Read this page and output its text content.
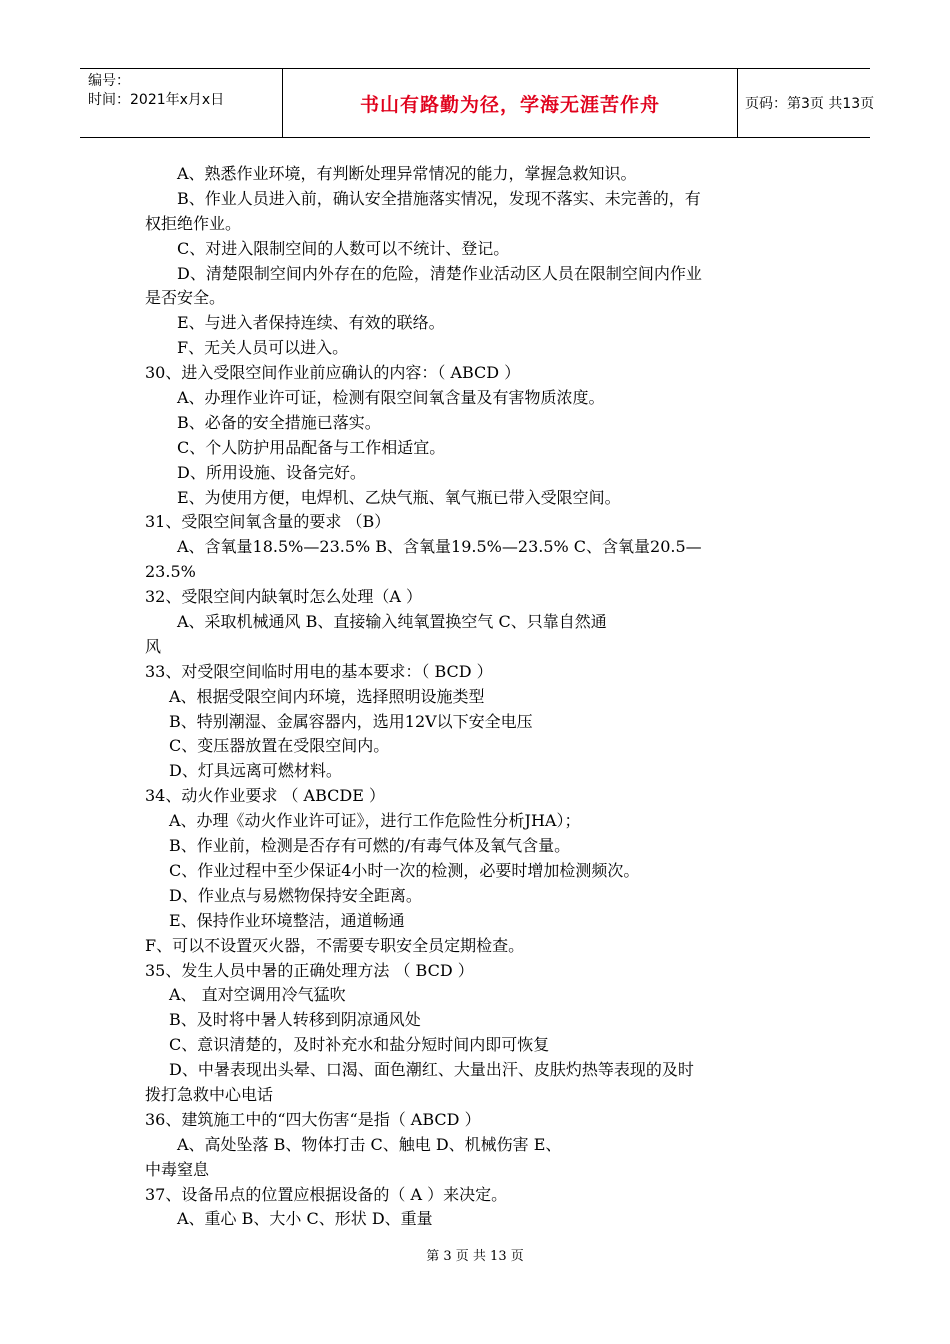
编号：
时间：2021年x月x日	书山有路勤为径，学海无涯苦作舟	页码：第3页 共13页
A、熟悉作业环境，有判断处理异常情况的能力，掌握急救知识。
B、作业人员进入前，确认安全措施落实情况，发现不落实、未完善的，有
权拒绝作业。
C、对进入限制空间的人数可以不统计、登记。
D、清楚限制空间内外存在的危险，清楚作业活动区人员在限制空间内作业
是否安全。
E、与进入者保持连续、有效的联络。
F、无关人员可以进入。
30、进入受限空间作业前应确认的内容：（ ABCD ）
A、办理作业许可证，检测有限空间氧含量及有害物质浓度。
B、必备的安全措施已落实。
C、个人防护用品配备与工作相适宜。
D、所用设施、设备完好。
E、为使用方便，电焊机、乙炔气瓶、氧气瓶已带入受限空间。
31、受限空间氧含量的要求 （B）
A、含氧量18.5%—23.5% B、含氧量19.5%—23.5% C、含氧量20.5—
23.5%
32、受限空间内缺氧时怎么处理（A ）
A、采取机械通风 B、直接输入纯氧置换空气 C、只靠自然通
风
33、对受限空间临时用电的基本要求：（ BCD ）
A、根据受限空间内环境，选择照明设施类型
B、特别潮湿、金属容器内，选用12V以下安全电压
C、变压器放置在受限空间内。
D、灯具远离可燃材料。
34、动火作业要求 （ ABCDE ）
A、办理《动火作业许可证》，进行工作危险性分析JHA）；
B、作业前，检测是否存有可燃的/有毒气体及氧气含量。
C、作业过程中至少保证4小时一次的检测，必要时增加检测频次。
D、作业点与易燃物保持安全距离。
E、保持作业环境整洁，通道畅通
F、可以不设置灭火器，不需要专职安全员定期检查。
35、发生人员中暑的正确处理方法 （ BCD ）
A、 直对空调用冷气猛吹
B、及时将中暑人转移到阴凉通风处
C、意识清楚的，及时补充水和盐分短时间内即可恢复
D、中暑表现出头晕、口渴、面色潮红、大量出汗、皮肤灼热等表现的及时
拨打急救中心电话
36、建筑施工中的“四大伤害“是指（ ABCD ）
A、高处坠落 B、物体打击 C、触电 D、机械伤害 E、
中毒窒息
37、设备吊点的位置应根据设备的（ A ）来决定。
A、重心 B、大小 C、形状 D、重量
第 3 页 共 13 页
